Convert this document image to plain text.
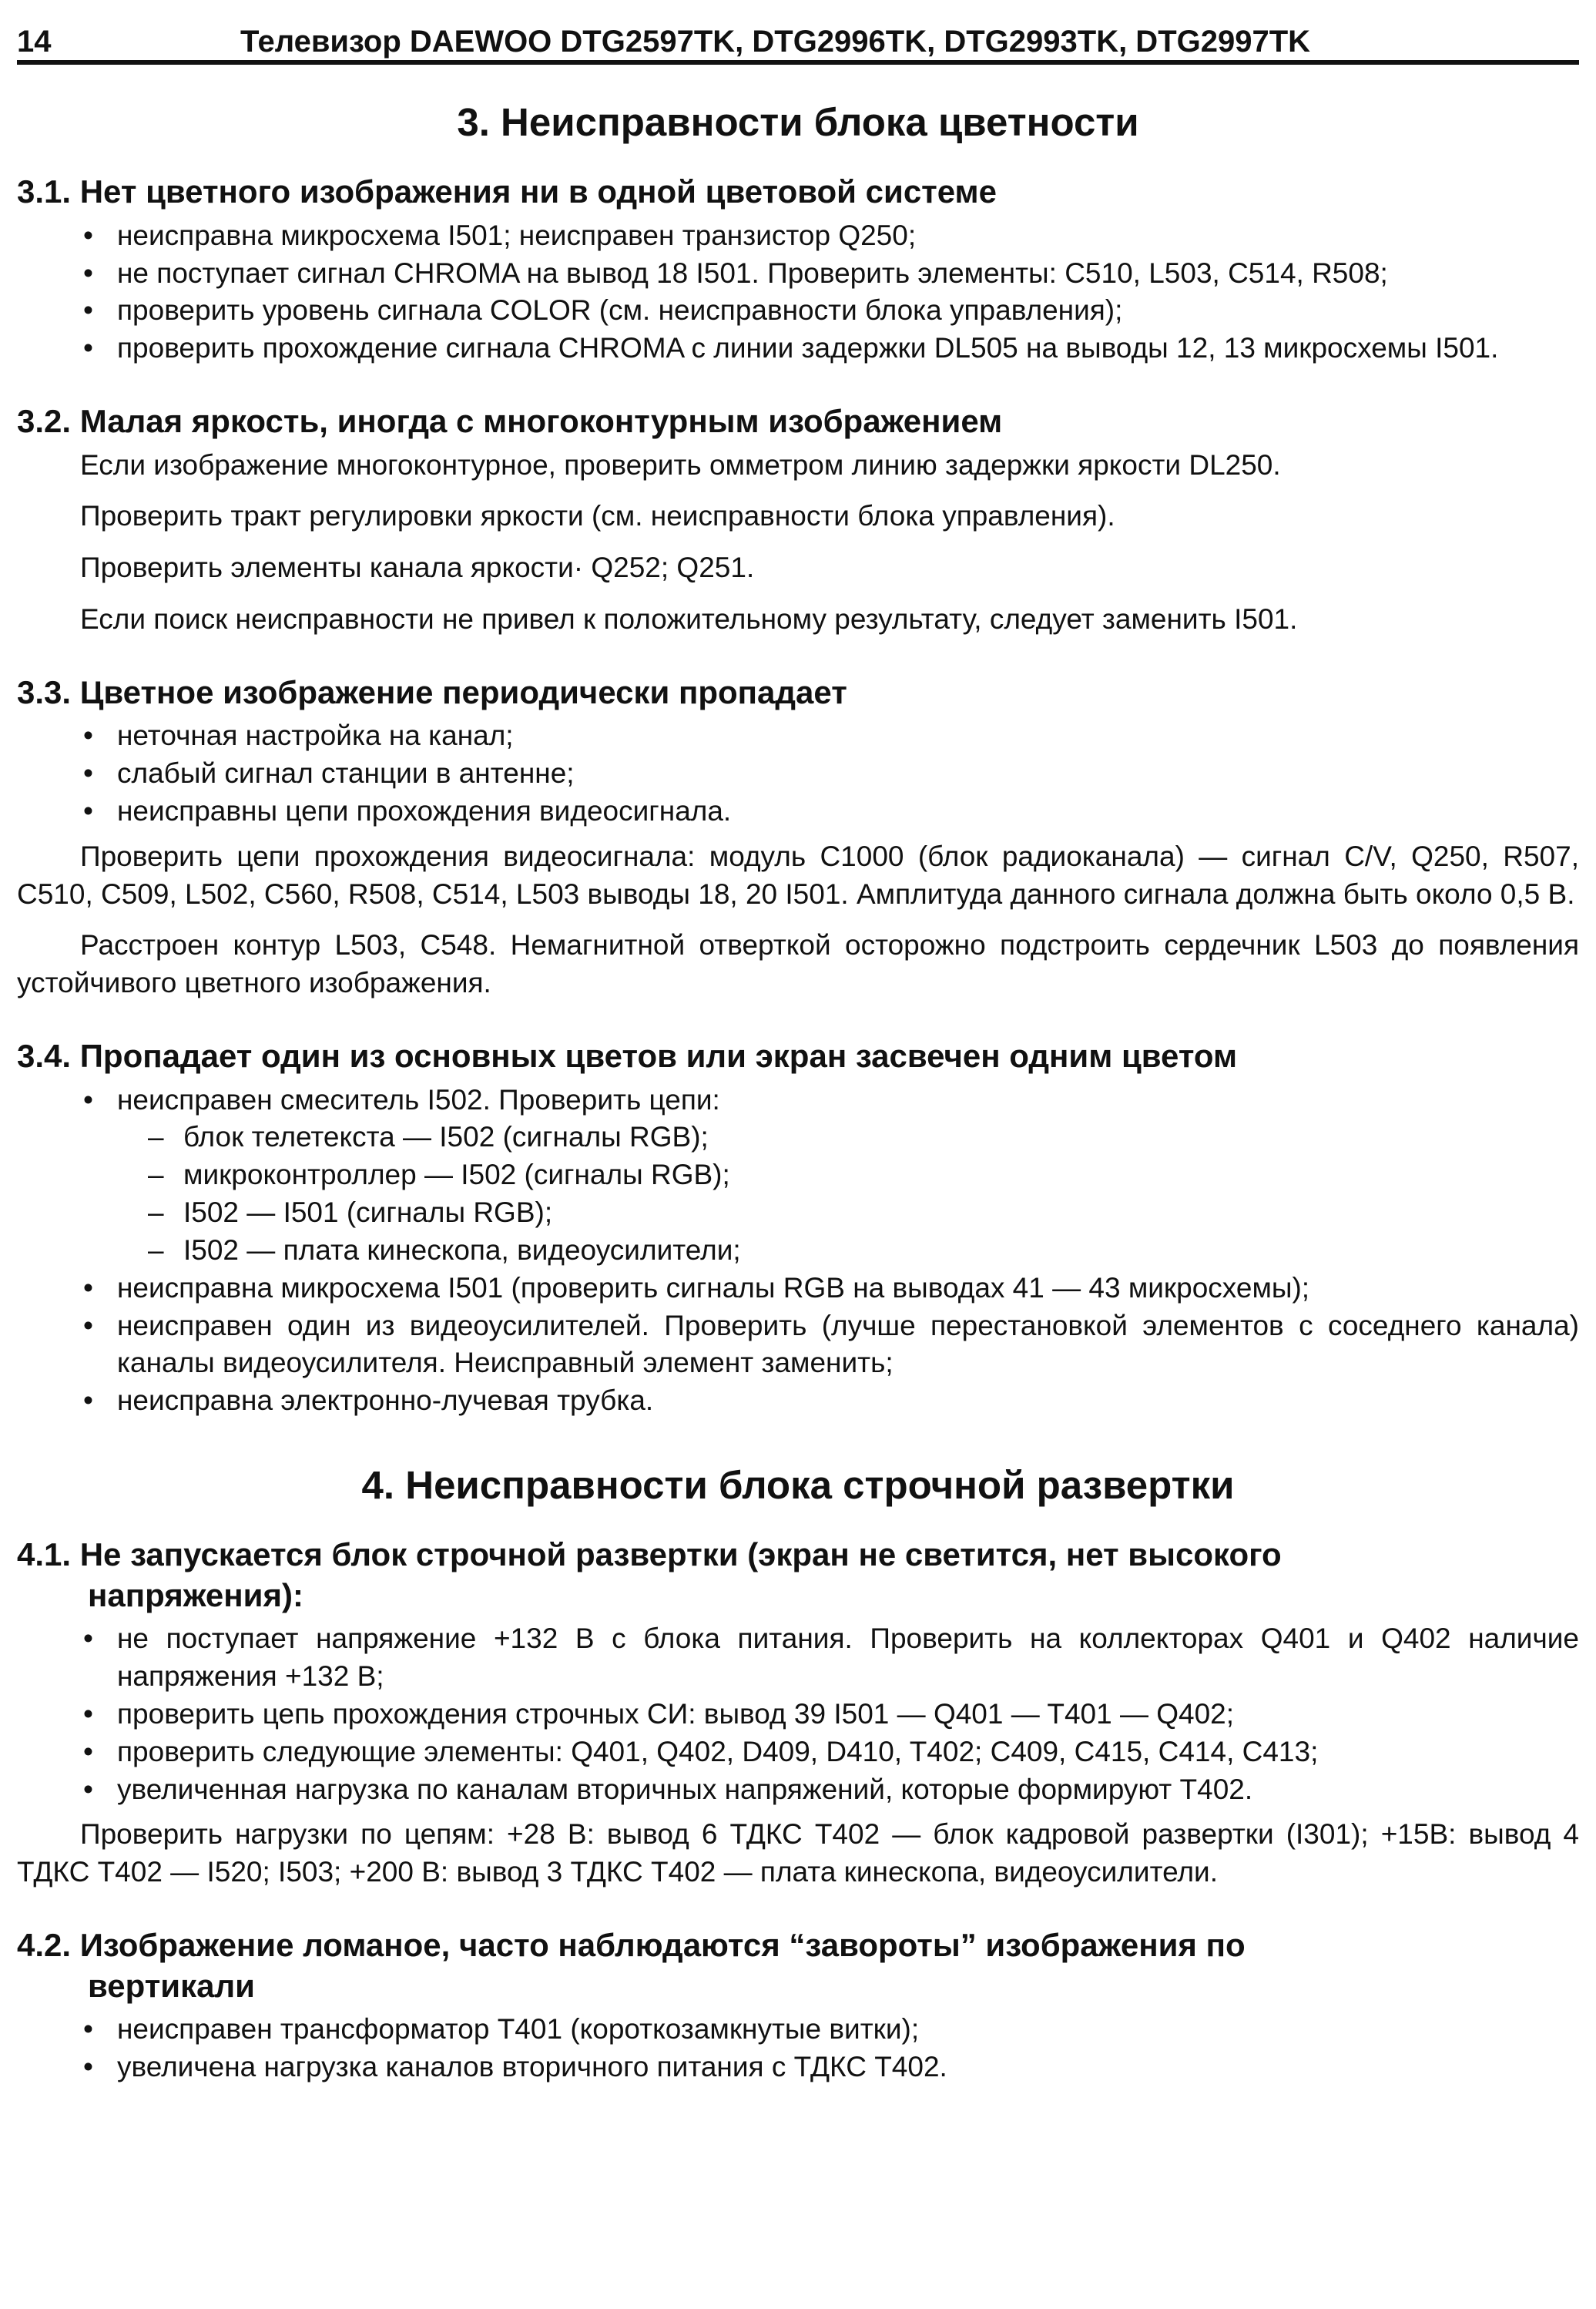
14	Телевизор DAEWOO DTG2597TK, DTG2996TK, DTG2993TK, DTG2997TK
3. Неисправности блока цветности
3.1. Нет цветного изображения ни в одной цветовой системе
• неисправна микросхема I501; неисправен транзистор Q250;
• не поступает сигнал CHROMA на вывод 18 I501. Проверить элементы: C510, L503, C514, R508;
• проверить уровень сигнала COLOR (см. неисправности блока управления);
• проверить прохождение сигнала CHROMA с линии задержки DL505 на выводы 12, 13 микросхемы I501.
3.2. Малая яркость, иногда с многоконтурным изображением

Если изображение многоконтурное, проверить омметром линию задержки яркости DL250.

Проверить тракт регулировки яркости (см. неисправности блока управления).

Проверить элементы канала яркости· Q252; Q251.

Если поиск неисправности не привел к положительному результату, следует заменить I501.

3.3. Цветное изображение периодически пропадает
• неточная настройка на канал;
• слабый сигнал станции в антенне;
• неисправны цепи прохождения видеосигнала.

Проверить цепи прохождения видеосигнала: модуль C1000 (блок радиоканала) — сигнал C/V, Q250, R507, C510, C509, L502, C560, R508, C514, L503 выводы 18, 20 I501. Амплитуда данного сигнала должна быть около 0,5 В.

Расстроен контур L503, C548. Немагнитной отверткой осторожно подстроить сердечник L503 до появления устойчивого цветного изображения.

3.4. Пропадает один из основных цветов или экран засвечен одним цветом
• неисправен смеситель I502. Проверить цепи:
– блок телетекста — I502 (сигналы RGB);
– микроконтроллер — I502 (сигналы RGB);
– I502 — I501 (сигналы RGB);
– I502 — плата кинескопа, видеоусилители;
• неисправна микросхема I501 (проверить сигналы RGB на выводах 41 — 43 микросхемы);
• неисправен один из видеоусилителей. Проверить (лучше перестановкой элементов с соседнего канала) каналы видеоусилителя. Неисправный элемент заменить;
• неисправна электронно-лучевая трубка.
4. Неисправности блока строчной развертки
4.1. Не запускается блок строчной развертки (экран не светится, нет высокого напряжения):
• не поступает напряжение +132 В с блока питания. Проверить на коллекторах Q401 и Q402 наличие напряжения +132 В;
• проверить цепь прохождения строчных СИ: вывод 39 I501 — Q401 — T401 — Q402;
• проверить следующие элементы: Q401, Q402, D409, D410, T402; C409, C415, C414, C413;
• увеличенная нагрузка по каналам вторичных напряжений, которые формируют T402.

Проверить нагрузки по цепям: +28 В: вывод 6 ТДКС T402 — блок кадровой развертки (I301); +15В: вывод 4 ТДКС T402 — I520; I503; +200 В: вывод 3 ТДКС T402 — плата кинескопа, видеоусилители.

4.2. Изображение ломаное, часто наблюдаются “завороты” изображения по вертикали
• неисправен трансформатор T401 (короткозамкнутые витки);
• увеличена нагрузка каналов вторичного питания с ТДКС T402.
